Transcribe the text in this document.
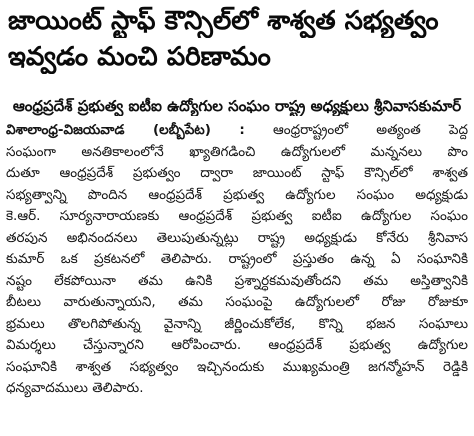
జాయింట్ స్టాఫ్ కౌన్సిల్‌లో శాశ్వత సభ్యత్వం
ఇవ్వడం మంచి పరిణామం
ఆంధ్రప్రదేశ్ ప్రభుత్వ ఐటీఐ ఉద్యోగుల సంఘం రాష్ట్ర అధ్యక్షులు శ్రీనివాసకుమార్
విశాలాంధ్ర-విజయవాడ (లబ్బీపేట) : ఆంధ్రరాష్ట్రంలో అత్యంత పెద్ద
సంఘంగా అనతికాలంలోనే ఖ్యాతిగడించి ఉద్యోగులలో మన్ననలు పొం
దుతూ ఆంధ్రప్రదేశ్ ప్రభుత్వం ద్వారా జాయింట్ స్టాఫ్ కౌన్సిల్‌లో శాశ్వత
సభ్యత్వాన్ని పొందిన ఆంధ్రప్రదేశ్ ప్రభుత్వ ఉద్యోగుల సంఘం అధ్యక్షుడు
కె.ఆర్. సూర్యనారాయణకు ఆంధ్రప్రదేశ్ ప్రభుత్వ ఐటీఐ ఉద్యోగుల సంఘం
తరపున అభినందనలు తెలుపుతున్నట్లు రాష్ట్ర అధ్యక్షుడు కోనేరు శ్రీనివాస
కుమార్ ఒక ప్రకటనలో తెలిపారు. రాష్ట్రంలో ప్రస్తుతం ఉన్న ఏ సంఘానికి
నష్టం లేకపోయినా తమ ఉనికి ప్రశ్నార్ధకమవుతోందని తమ అస్తిత్వానికి
బీటలు వారుతున్నాయని, తమ సంఘంపై ఉద్యోగులలో రోజు రోజుకూ
భ్రమలు తొలగిపోతున్న వైనాన్ని జీర్ణించుకోలేక, కొన్ని భజన సంఘాలు
విమర్శలు చేస్తున్నారని ఆరోపించారు. ఆంధ్రప్రదేశ్ ప్రభుత్వ ఉద్యోగుల
సంఘానికి శాశ్వత సభ్యత్వం ఇచ్చినందుకు ముఖ్యమంత్రి జగన్మోహన్ రెడ్డికి
ధన్యవాదములు తెలిపారు.
